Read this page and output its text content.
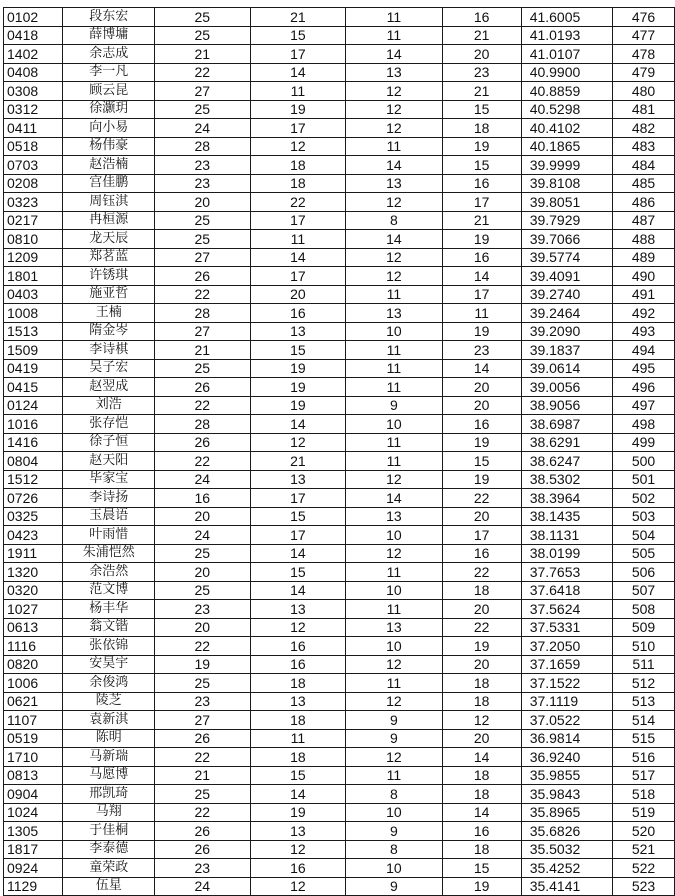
0102	段东宏	25	21	11	16	41.6005	476
0418	薛博墉	25	15	11	21	41.0193	477
1402	余志成	21	17	14	20	41.0107	478
0408	李一凡	22	14	13	23	40.9900	479
0308	顾云昆	27	11	12	21	40.8859	480
0312	徐灏玥	25	19	12	15	40.5298	481
0411	向小易	24	17	12	18	40.4102	482
0518	杨伟豪	28	12	11	19	40.1865	483
0703	赵浩楠	23	18	14	15	39.9999	484
0208	宫佳鹏	23	18	13	16	39.8108	485
0323	周钰淇	20	22	12	17	39.8051	486
0217	冉桓源	25	17	8	21	39.7929	487
0810	龙天辰	25	11	14	19	39.7066	488
1209	郑茗蓝	27	14	12	16	39.5774	489
1801	许锈琪	26	17	12	14	39.4091	490
0403	施亚哲	22	20	11	17	39.2740	491
1008	王楠	28	16	13	11	39.2464	492
1513	隋金岑	27	13	10	19	39.2090	493
1509	李诗棋	21	15	11	23	39.1837	494
0419	吴子宏	25	19	11	14	39.0614	495
0415	赵翌成	26	19	11	20	39.0056	496
0124	刘浩	22	19	9	20	38.9056	497
1016	张存恺	28	14	10	16	38.6987	498
1416	徐子恒	26	12	11	19	38.6291	499
0804	赵天阳	22	21	11	15	38.6247	500
1512	毕家宝	24	13	12	19	38.5302	501
0726	李诗扬	16	17	14	22	38.3964	502
0325	玉晨语	20	15	13	20	38.1435	503
0423	叶雨惜	24	17	10	17	38.1131	504
1911	朱浦恺然	25	14	12	16	38.0199	505
1320	余浩然	20	15	11	22	37.7653	506
0320	范文博	25	14	10	18	37.6418	507
1027	杨丰华	23	13	11	20	37.5624	508
0613	翁文锴	20	12	13	22	37.5331	509
1116	张依锦	22	16	10	19	37.2050	510
0820	安昊宇	19	16	12	20	37.1659	511
1006	余俊鸿	25	18	11	18	37.1522	512
0621	陵芝	23	13	12	18	37.1119	513
1107	袁新淇	27	18	9	12	37.0522	514
0519	陈明	26	11	9	20	36.9814	515
1710	马新瑞	22	18	12	14	36.9240	516
0813	马愿博	21	15	11	18	35.9855	517
0904	邢凯琦	25	14	8	18	35.9843	518
1024	马翔	22	19	10	14	35.8965	519
1305	于佳桐	26	13	9	16	35.6826	520
1817	李泰德	26	12	8	18	35.5032	521
0924	童荣政	23	16	10	15	35.4252	522
1129	伍星	24	12	9	19	35.4141	523
